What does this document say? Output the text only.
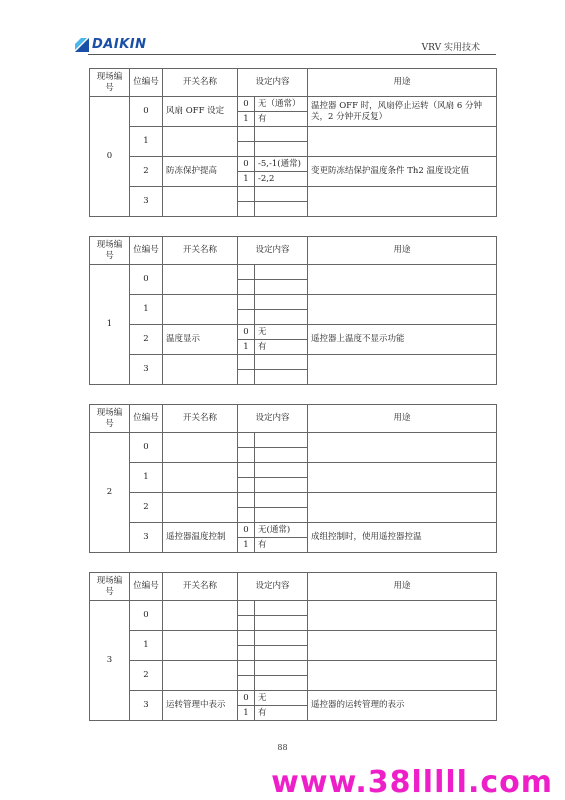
DAIKIN	VRV 实用技术
现场编号	位编号	开关名称	设定内容		用途
0	0	风扇 OFF 设定	0	无（通常）	温控器 OFF 时，风扇停止运转（风扇 6 分钟关，2 分钟开反复）
			1	有	
	1				

	2	防冻保护提高	0	-5,-1(通常)	变更防冻结保护温度条件 Th2 温度设定值
			1	-2,2	
	3				

现场编号	位编号	开关名称	设定内容		用途
1	0				

	1				

	2	温度显示	0	无	遥控器上温度不显示功能
			1	有	
	3				

现场编号	位编号	开关名称	设定内容		用途
2	0				

	1				

	2				

	3	遥控器温度控制	0	无(通常)	成组控制时，使用遥控器控温
			1	有	
现场编号	位编号	开关名称	设定内容		用途
3	0				

	1				

	2				

	3	运转管理中表示	0	无	遥控器的运转管理的表示
			1	有	
88
www.38lllll.com
